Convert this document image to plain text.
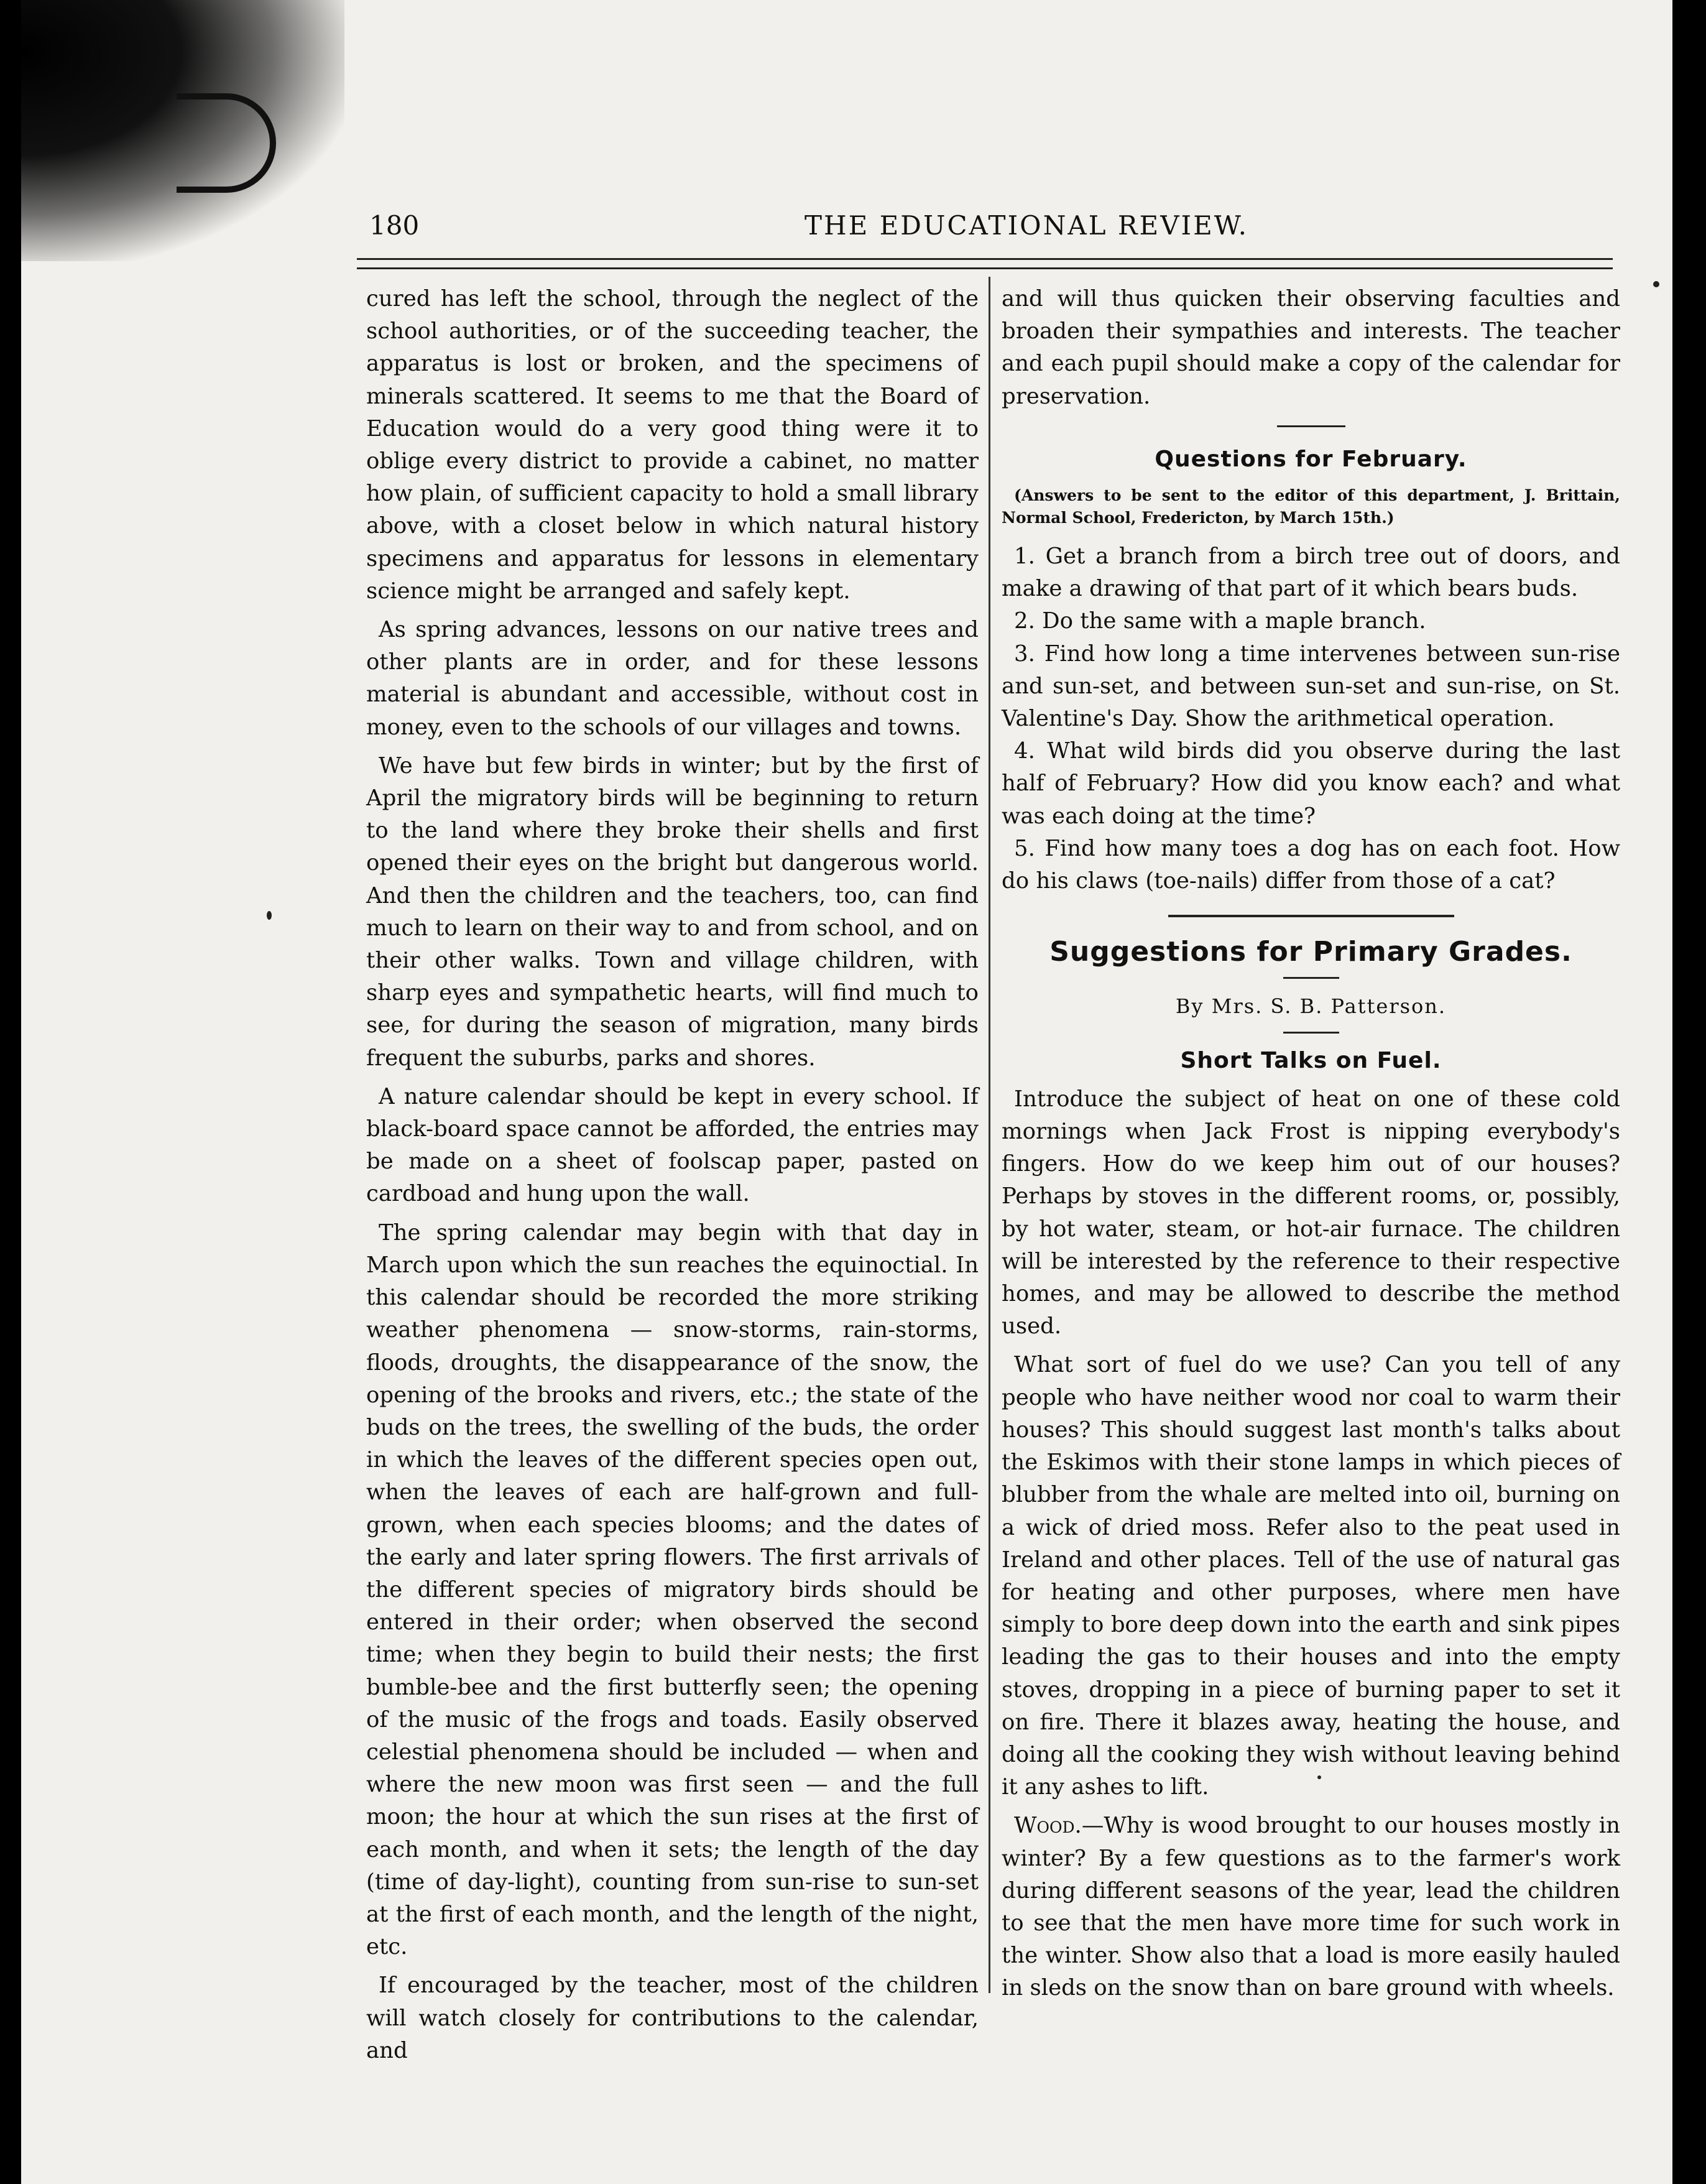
180	THE EDUCATIONAL REVIEW.

cured has left the school, through the neglect of the school authorities, or of the succeeding teacher, the apparatus is lost or broken, and the specimens of minerals scattered. It seems to me that the Board of Education would do a very good thing were it to oblige every district to provide a cabinet, no matter how plain, of sufficient capacity to hold a small library above, with a closet below in which natural history specimens and apparatus for lessons in elementary science might be arranged and safely kept.

As spring advances, lessons on our native trees and other plants are in order, and for these lessons material is abundant and accessible, without cost in money, even to the schools of our villages and towns.

We have but few birds in winter; but by the first of April the migratory birds will be beginning to return to the land where they broke their shells and first opened their eyes on the bright but dangerous world. And then the children and the teachers, too, can find much to learn on their way to and from school, and on their other walks. Town and village children, with sharp eyes and sympathetic hearts, will find much to see, for during the season of migration, many birds frequent the suburbs, parks and shores.

A nature calendar should be kept in every school. If black-board space cannot be afforded, the entries may be made on a sheet of foolscap paper, pasted on cardboad and hung upon the wall.

The spring calendar may begin with that day in March upon which the sun reaches the equinoctial. In this calendar should be recorded the more striking weather phenomena — snow-storms, rain-storms, floods, droughts, the disappearance of the snow, the opening of the brooks and rivers, etc.; the state of the buds on the trees, the swelling of the buds, the order in which the leaves of the different species open out, when the leaves of each are half-grown and full-grown, when each species blooms; and the dates of the early and later spring flowers. The first arrivals of the different species of migratory birds should be entered in their order; when observed the second time; when they begin to build their nests; the first bumble-bee and the first butterfly seen; the opening of the music of the frogs and toads. Easily observed celestial phenomena should be included — when and where the new moon was first seen — and the full moon; the hour at which the sun rises at the first of each month, and when it sets; the length of the day (time of day-light), counting from sun-rise to sun-set at the first of each month, and the length of the night, etc.

If encouraged by the teacher, most of the children will watch closely for contributions to the calendar, and

and will thus quicken their observing faculties and broaden their sympathies and interests. The teacher and each pupil should make a copy of the calendar for preservation.

Questions for February.
(Answers to be sent to the editor of this department, J. Brittain, Normal School, Fredericton, by March 15th.)

1. Get a branch from a birch tree out of doors, and make a drawing of that part of it which bears buds.

2. Do the same with a maple branch.

3. Find how long a time intervenes between sun-rise and sun-set, and between sun-set and sun-rise, on St. Valentine's Day. Show the arithmetical operation.

4. What wild birds did you observe during the last half of February? How did you know each? and what was each doing at the time?

5. Find how many toes a dog has on each foot. How do his claws (toe-nails) differ from those of a cat?

Suggestions for Primary Grades.
By Mrs. S. B. Patterson.
Short Talks on Fuel.

Introduce the subject of heat on one of these cold mornings when Jack Frost is nipping everybody's fingers. How do we keep him out of our houses? Perhaps by stoves in the different rooms, or, possibly, by hot water, steam, or hot-air furnace. The children will be interested by the reference to their respective homes, and may be allowed to describe the method used.

What sort of fuel do we use? Can you tell of any people who have neither wood nor coal to warm their houses? This should suggest last month's talks about the Eskimos with their stone lamps in which pieces of blubber from the whale are melted into oil, burning on a wick of dried moss. Refer also to the peat used in Ireland and other places. Tell of the use of natural gas for heating and other purposes, where men have simply to bore deep down into the earth and sink pipes leading the gas to their houses and into the empty stoves, dropping in a piece of burning paper to set it on fire. There it blazes away, heating the house, and doing all the cooking they wish without leaving behind it any ashes to lift.

Wood.—Why is wood brought to our houses mostly in winter? By a few questions as to the farmer's work during different seasons of the year, lead the children to see that the men have more time for such work in the winter. Show also that a load is more easily hauled in sleds on the snow than on bare ground with wheels.
